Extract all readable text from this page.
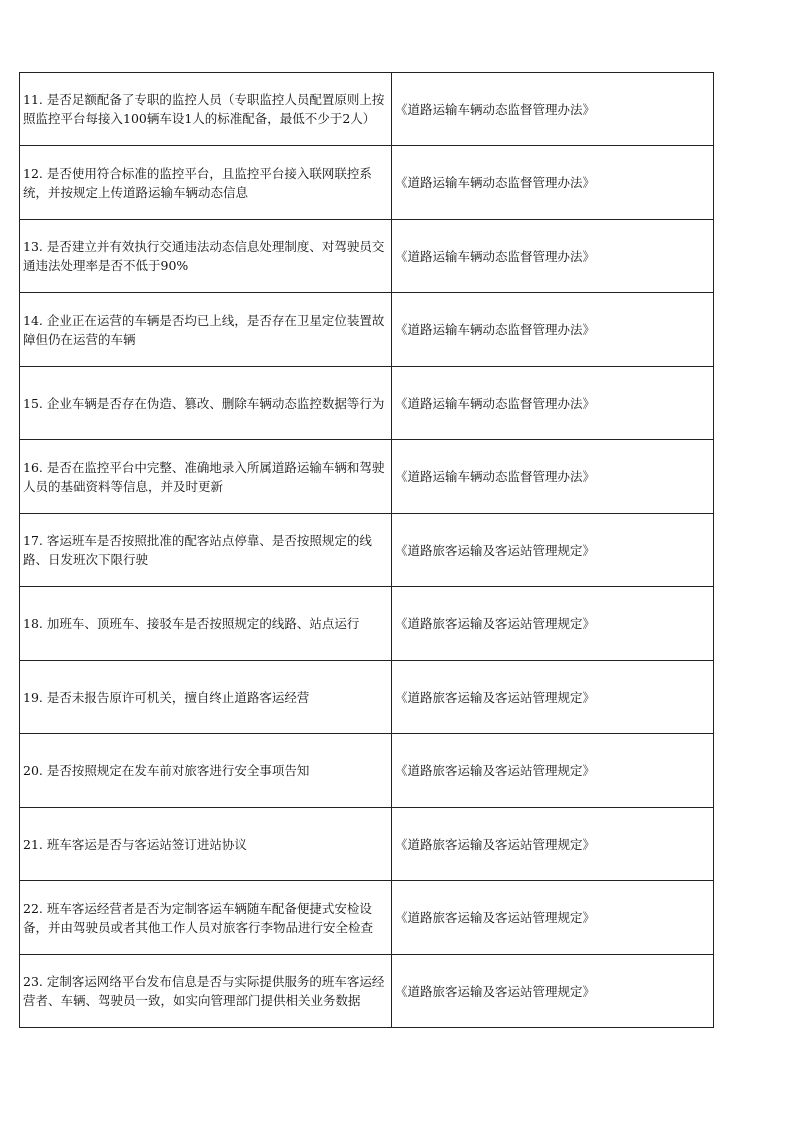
11. 是否足额配备了专职的监控人员（专职监控人员配置原则上按照监控平台每接入100辆车设1人的标准配备，最低不少于2人）	《道路运输车辆动态监督管理办法》
12. 是否使用符合标准的监控平台，且监控平台接入联网联控系统，并按规定上传道路运输车辆动态信息	《道路运输车辆动态监督管理办法》
13. 是否建立并有效执行交通违法动态信息处理制度、对驾驶员交通违法处理率是否不低于90%	《道路运输车辆动态监督管理办法》
14. 企业正在运营的车辆是否均已上线，是否存在卫星定位装置故障但仍在运营的车辆	《道路运输车辆动态监督管理办法》
15. 企业车辆是否存在伪造、篡改、删除车辆动态监控数据等行为	《道路运输车辆动态监督管理办法》
16. 是否在监控平台中完整、准确地录入所属道路运输车辆和驾驶人员的基础资料等信息，并及时更新	《道路运输车辆动态监督管理办法》
17. 客运班车是否按照批准的配客站点停靠、是否按照规定的线路、日发班次下限行驶	《道路旅客运输及客运站管理规定》
18. 加班车、顶班车、接驳车是否按照规定的线路、站点运行	《道路旅客运输及客运站管理规定》
19. 是否未报告原许可机关，擅自终止道路客运经营	《道路旅客运输及客运站管理规定》
20. 是否按照规定在发车前对旅客进行安全事项告知	《道路旅客运输及客运站管理规定》
21. 班车客运是否与客运站签订进站协议	《道路旅客运输及客运站管理规定》
22. 班车客运经营者是否为定制客运车辆随车配备便捷式安检设备，并由驾驶员或者其他工作人员对旅客行李物品进行安全检查	《道路旅客运输及客运站管理规定》
23. 定制客运网络平台发布信息是否与实际提供服务的班车客运经营者、车辆、驾驶员一致，如实向管理部门提供相关业务数据	《道路旅客运输及客运站管理规定》
